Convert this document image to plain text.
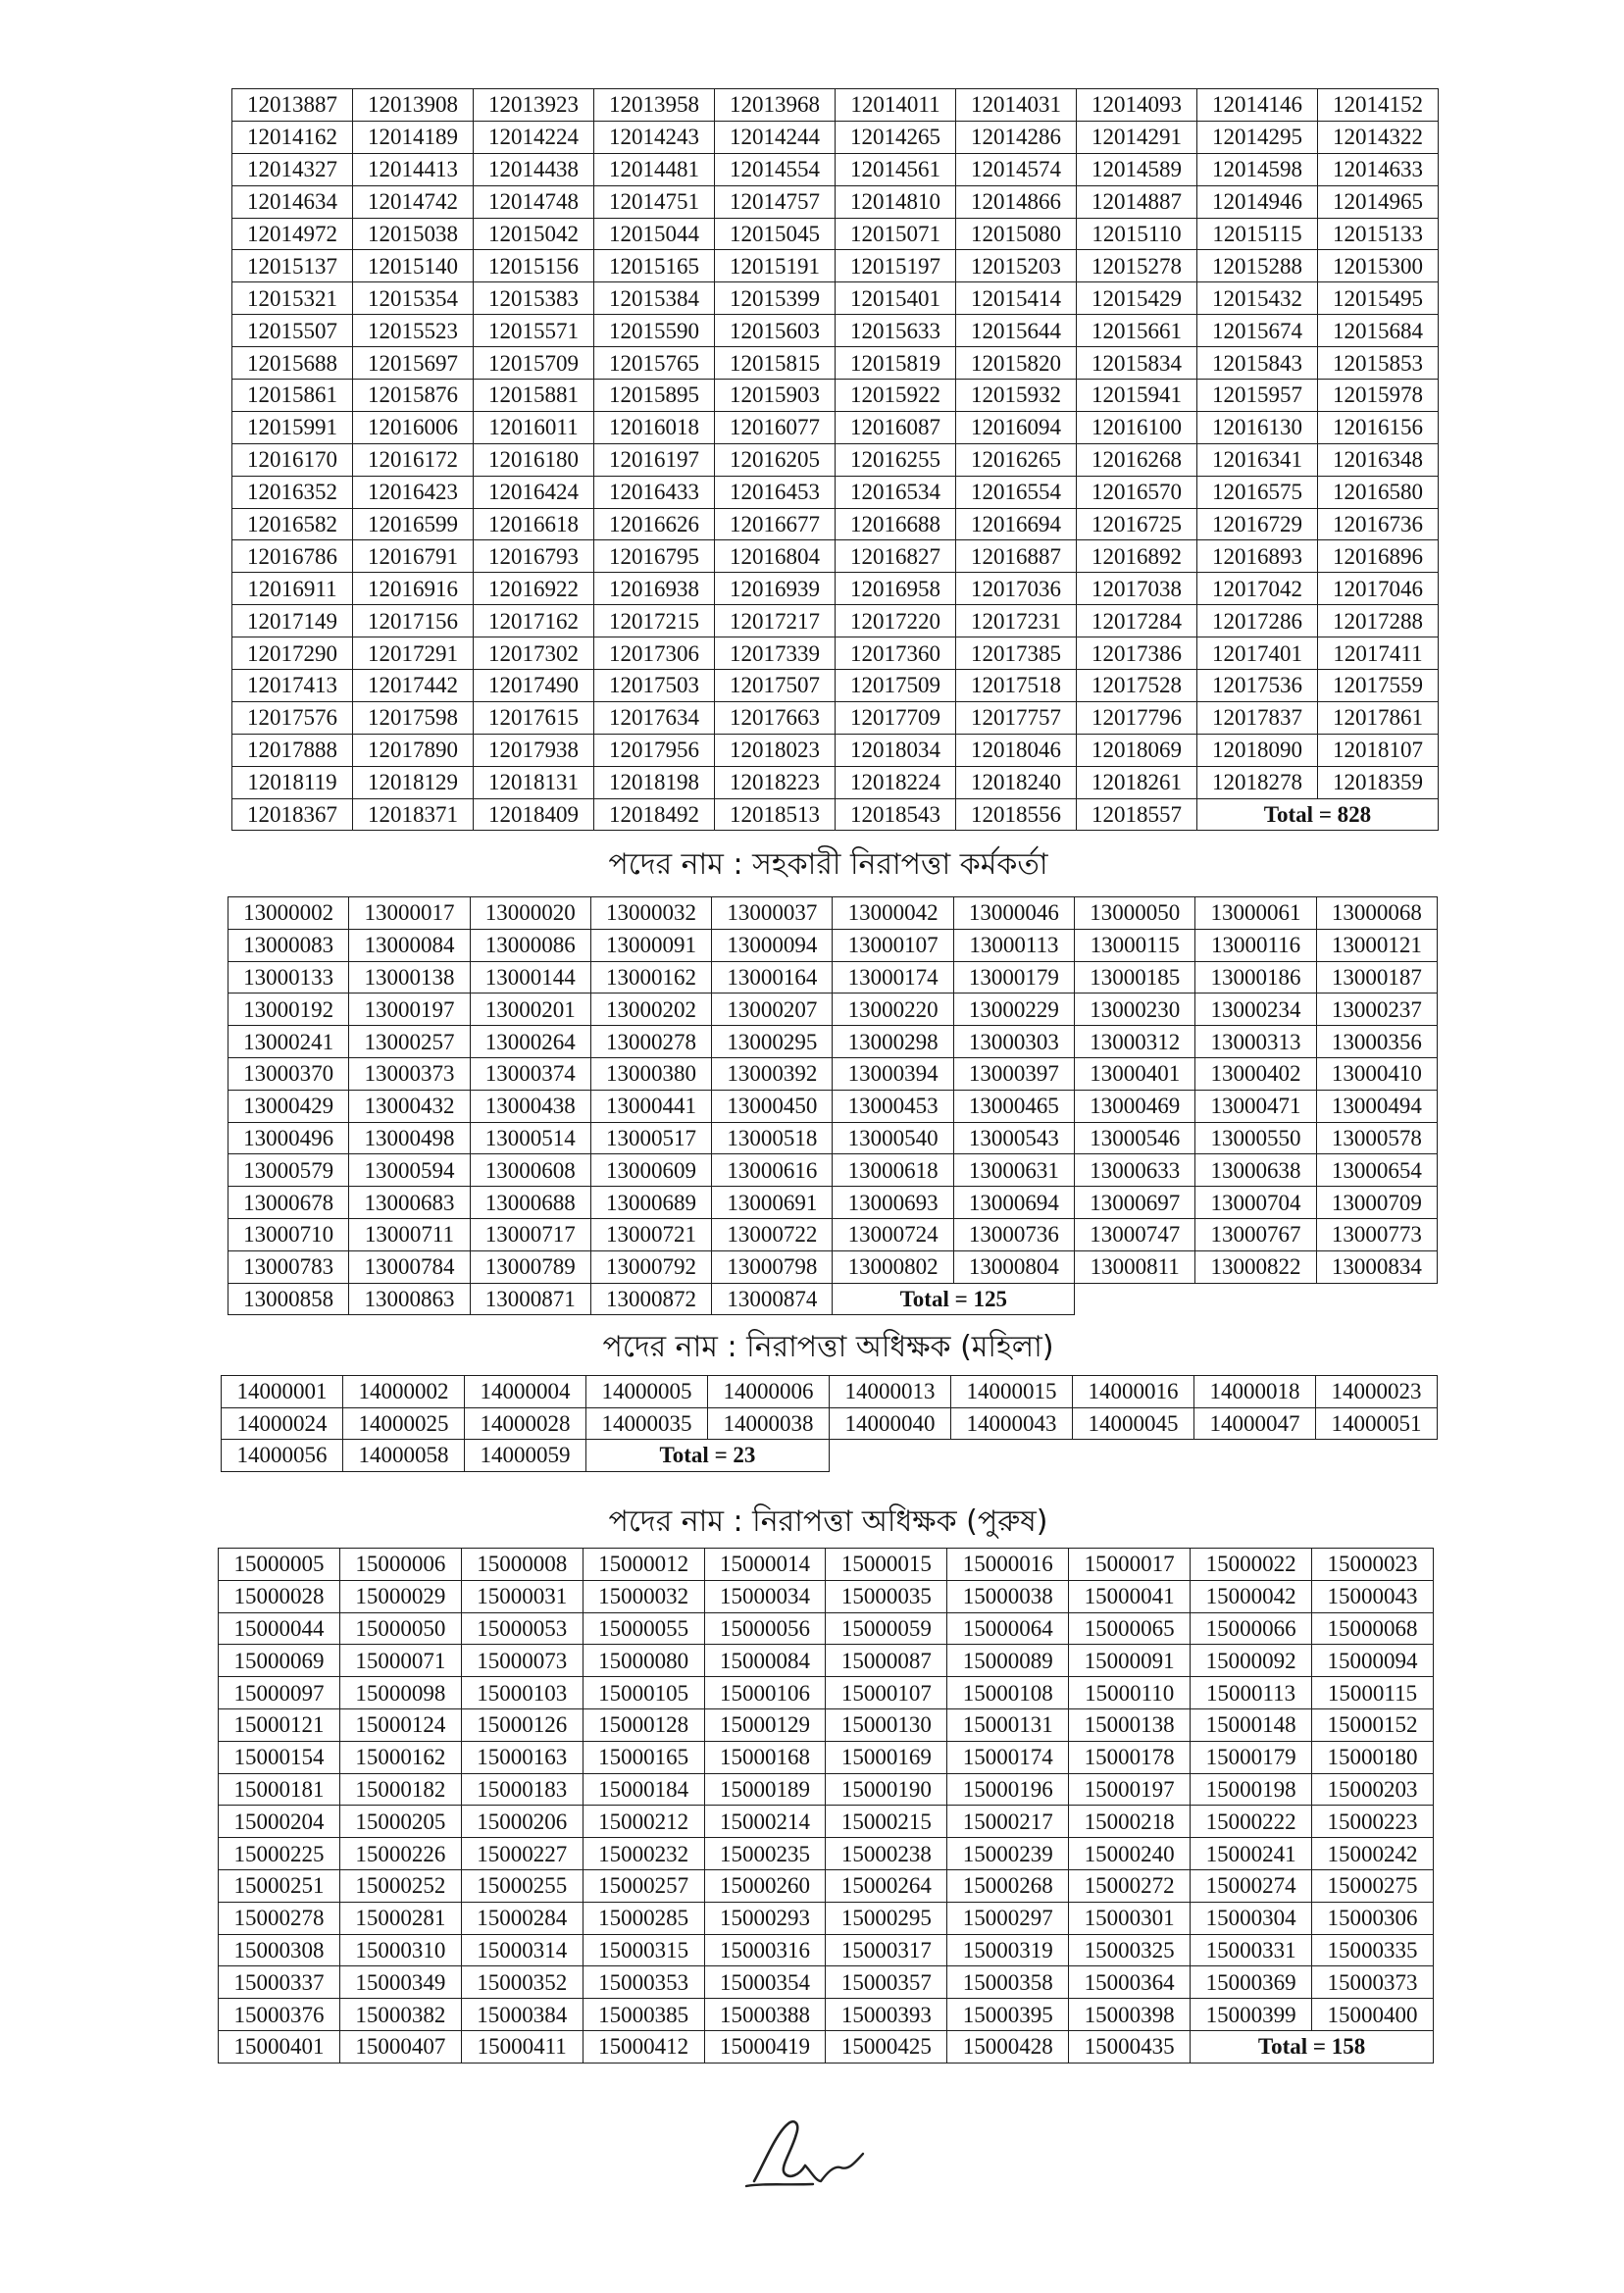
12013887	12013908	12013923	12013958	12013968	12014011	12014031	12014093	12014146	12014152
12014162	12014189	12014224	12014243	12014244	12014265	12014286	12014291	12014295	12014322
12014327	12014413	12014438	12014481	12014554	12014561	12014574	12014589	12014598	12014633
12014634	12014742	12014748	12014751	12014757	12014810	12014866	12014887	12014946	12014965
12014972	12015038	12015042	12015044	12015045	12015071	12015080	12015110	12015115	12015133
12015137	12015140	12015156	12015165	12015191	12015197	12015203	12015278	12015288	12015300
12015321	12015354	12015383	12015384	12015399	12015401	12015414	12015429	12015432	12015495
12015507	12015523	12015571	12015590	12015603	12015633	12015644	12015661	12015674	12015684
12015688	12015697	12015709	12015765	12015815	12015819	12015820	12015834	12015843	12015853
12015861	12015876	12015881	12015895	12015903	12015922	12015932	12015941	12015957	12015978
12015991	12016006	12016011	12016018	12016077	12016087	12016094	12016100	12016130	12016156
12016170	12016172	12016180	12016197	12016205	12016255	12016265	12016268	12016341	12016348
12016352	12016423	12016424	12016433	12016453	12016534	12016554	12016570	12016575	12016580
12016582	12016599	12016618	12016626	12016677	12016688	12016694	12016725	12016729	12016736
12016786	12016791	12016793	12016795	12016804	12016827	12016887	12016892	12016893	12016896
12016911	12016916	12016922	12016938	12016939	12016958	12017036	12017038	12017042	12017046
12017149	12017156	12017162	12017215	12017217	12017220	12017231	12017284	12017286	12017288
12017290	12017291	12017302	12017306	12017339	12017360	12017385	12017386	12017401	12017411
12017413	12017442	12017490	12017503	12017507	12017509	12017518	12017528	12017536	12017559
12017576	12017598	12017615	12017634	12017663	12017709	12017757	12017796	12017837	12017861
12017888	12017890	12017938	12017956	12018023	12018034	12018046	12018069	12018090	12018107
12018119	12018129	12018131	12018198	12018223	12018224	12018240	12018261	12018278	12018359
12018367	12018371	12018409	12018492	12018513	12018543	12018556	12018557	Total = 828	
পদের নাম : সহকারী নিরাপত্তা কর্মকর্তা
13000002	13000017	13000020	13000032	13000037	13000042	13000046	13000050	13000061	13000068
13000083	13000084	13000086	13000091	13000094	13000107	13000113	13000115	13000116	13000121
13000133	13000138	13000144	13000162	13000164	13000174	13000179	13000185	13000186	13000187
13000192	13000197	13000201	13000202	13000207	13000220	13000229	13000230	13000234	13000237
13000241	13000257	13000264	13000278	13000295	13000298	13000303	13000312	13000313	13000356
13000370	13000373	13000374	13000380	13000392	13000394	13000397	13000401	13000402	13000410
13000429	13000432	13000438	13000441	13000450	13000453	13000465	13000469	13000471	13000494
13000496	13000498	13000514	13000517	13000518	13000540	13000543	13000546	13000550	13000578
13000579	13000594	13000608	13000609	13000616	13000618	13000631	13000633	13000638	13000654
13000678	13000683	13000688	13000689	13000691	13000693	13000694	13000697	13000704	13000709
13000710	13000711	13000717	13000721	13000722	13000724	13000736	13000747	13000767	13000773
13000783	13000784	13000789	13000792	13000798	13000802	13000804	13000811	13000822	13000834
13000858	13000863	13000871	13000872	13000874	Total = 125				
পদের নাম : নিরাপত্তা অধিক্ষক (মহিলা)
14000001	14000002	14000004	14000005	14000006	14000013	14000015	14000016	14000018	14000023
14000024	14000025	14000028	14000035	14000038	14000040	14000043	14000045	14000047	14000051
14000056	14000058	14000059	Total = 23						
পদের নাম : নিরাপত্তা অধিক্ষক (পুরুষ)
15000005	15000006	15000008	15000012	15000014	15000015	15000016	15000017	15000022	15000023
15000028	15000029	15000031	15000032	15000034	15000035	15000038	15000041	15000042	15000043
15000044	15000050	15000053	15000055	15000056	15000059	15000064	15000065	15000066	15000068
15000069	15000071	15000073	15000080	15000084	15000087	15000089	15000091	15000092	15000094
15000097	15000098	15000103	15000105	15000106	15000107	15000108	15000110	15000113	15000115
15000121	15000124	15000126	15000128	15000129	15000130	15000131	15000138	15000148	15000152
15000154	15000162	15000163	15000165	15000168	15000169	15000174	15000178	15000179	15000180
15000181	15000182	15000183	15000184	15000189	15000190	15000196	15000197	15000198	15000203
15000204	15000205	15000206	15000212	15000214	15000215	15000217	15000218	15000222	15000223
15000225	15000226	15000227	15000232	15000235	15000238	15000239	15000240	15000241	15000242
15000251	15000252	15000255	15000257	15000260	15000264	15000268	15000272	15000274	15000275
15000278	15000281	15000284	15000285	15000293	15000295	15000297	15000301	15000304	15000306
15000308	15000310	15000314	15000315	15000316	15000317	15000319	15000325	15000331	15000335
15000337	15000349	15000352	15000353	15000354	15000357	15000358	15000364	15000369	15000373
15000376	15000382	15000384	15000385	15000388	15000393	15000395	15000398	15000399	15000400
15000401	15000407	15000411	15000412	15000419	15000425	15000428	15000435	Total = 158	
